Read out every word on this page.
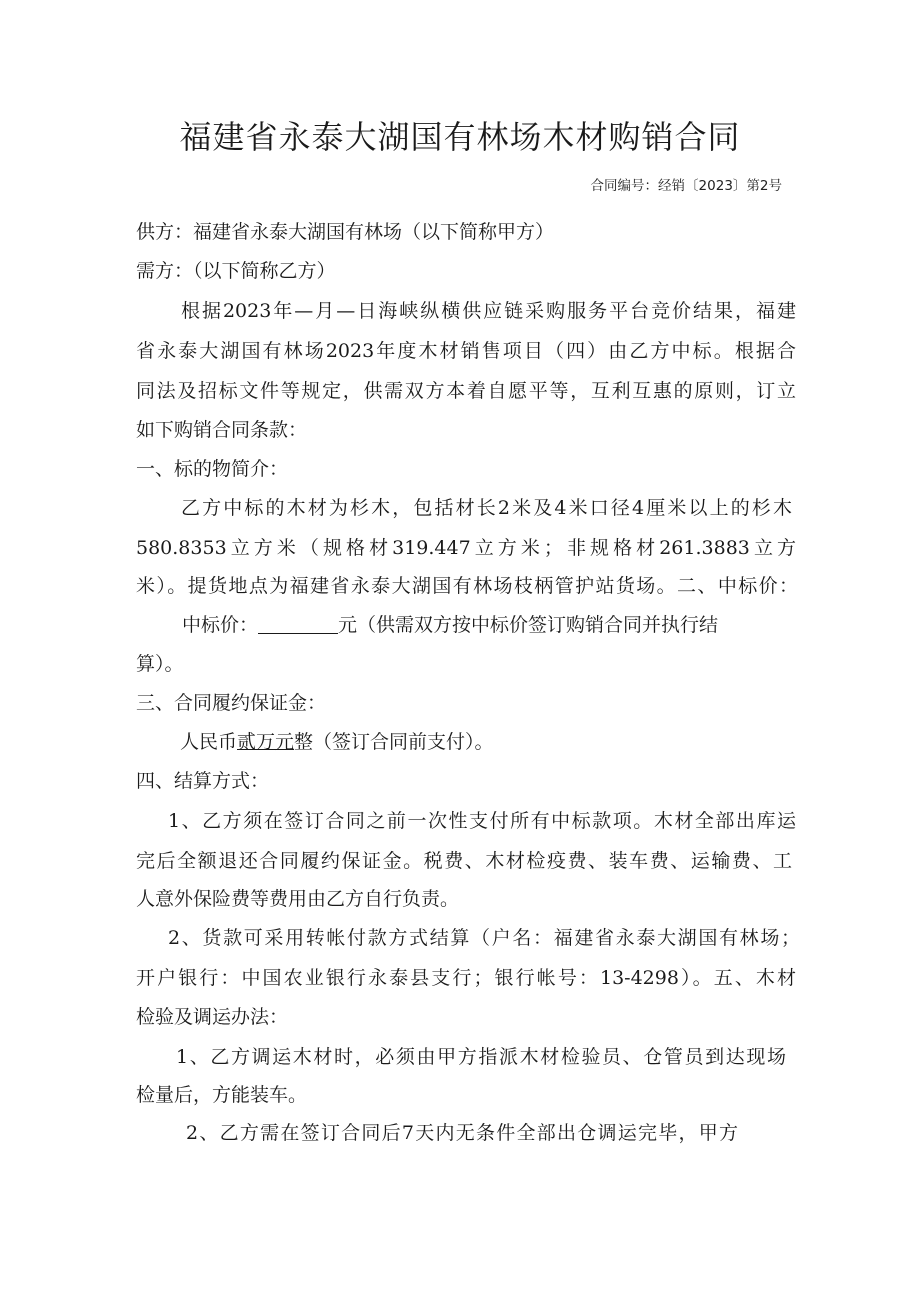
福建省永泰大湖国有林场木材购销合同
合同编号：经销〔2023〕第2号
供方：福建省永泰大湖国有林场（以下简称甲方）
需方：（以下简称乙方）
根据2023年—月—日海峡纵横供应链采购服务平台竞价结果，福建
省永泰大湖国有林场2023年度木材销售项目（四）由乙方中标。根据合
同法及招标文件等规定，供需双方本着自愿平等，互利互惠的原则，订立
如下购销合同条款：
一、标的物简介：
乙方中标的木材为杉木，包括材长2米及4米口径4厘米以上的杉木
580.8353立方米（规格材319.447立方米；非规格材261.3883立方
米）。提货地点为福建省永泰大湖国有林场枝柄管护站货场。二、中标价：
中标价：	元（供需双方按中标价签订购销合同并执行结
算）。
三、合同履约保证金：
人民币贰万元整（签订合同前支付）。
四、结算方式：
1、乙方须在签订合同之前一次性支付所有中标款项。木材全部出库运
完后全额退还合同履约保证金。税费、木材检疫费、装车费、运输费、工
人意外保险费等费用由乙方自行负责。
2、货款可采用转帐付款方式结算（户名：福建省永泰大湖国有林场；
开户银行：中国农业银行永泰县支行；银行帐号：13-4298）。五、木材
检验及调运办法：
1、乙方调运木材时，必须由甲方指派木材检验员、仓管员到达现场
检量后，方能装车。
2、乙方需在签订合同后7天内无条件全部出仓调运完毕，甲方
